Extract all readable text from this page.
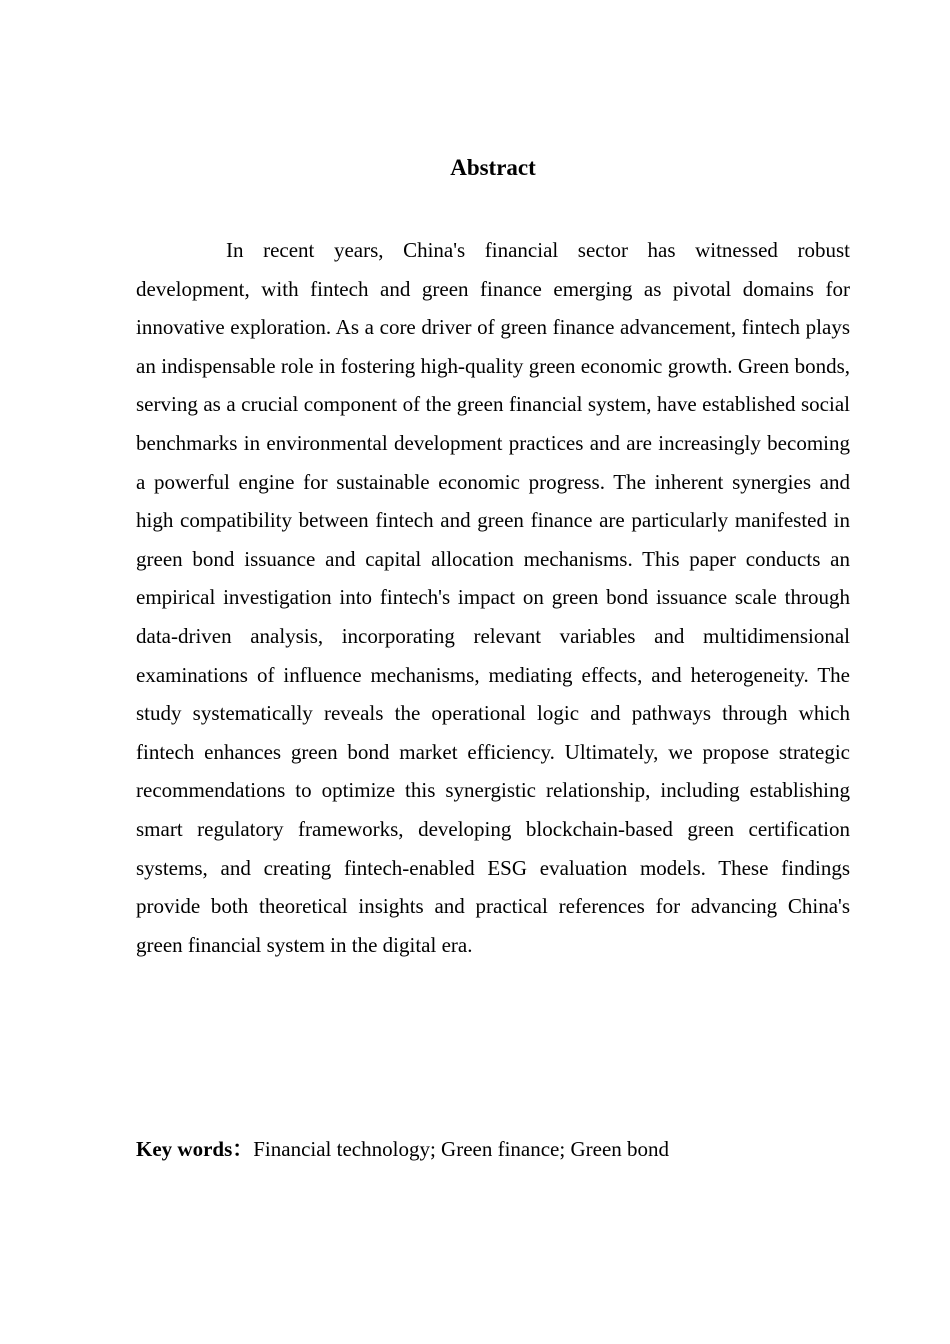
Abstract

In recent years, China's financial sector has witnessed robust development, with fintech and green finance emerging as pivotal domains for innovative exploration. As a core driver of green finance advancement, fintech plays an indispensable role in fostering high-quality green economic growth. Green bonds, serving as a crucial component of the green financial system, have established social benchmarks in environmental development practices and are increasingly becoming a powerful engine for sustainable economic progress. The inherent synergies and high compatibility between fintech and green finance are particularly manifested in green bond issuance and capital allocation mechanisms. This paper conducts an empirical investigation into fintech's impact on green bond issuance scale through data-driven analysis, incorporating relevant variables and multidimensional examinations of influence mechanisms, mediating effects, and heterogeneity. The study systematically reveals the operational logic and pathways through which fintech enhances green bond market efficiency. Ultimately, we propose strategic recommendations to optimize this synergistic relationship, including establishing smart regulatory frameworks, developing blockchain-based green certification systems, and creating fintech-enabled ESG evaluation models. These findings provide both theoretical insights and practical references for advancing China's green financial system in the digital era.

Key words：Financial technology; Green finance; Green bond
